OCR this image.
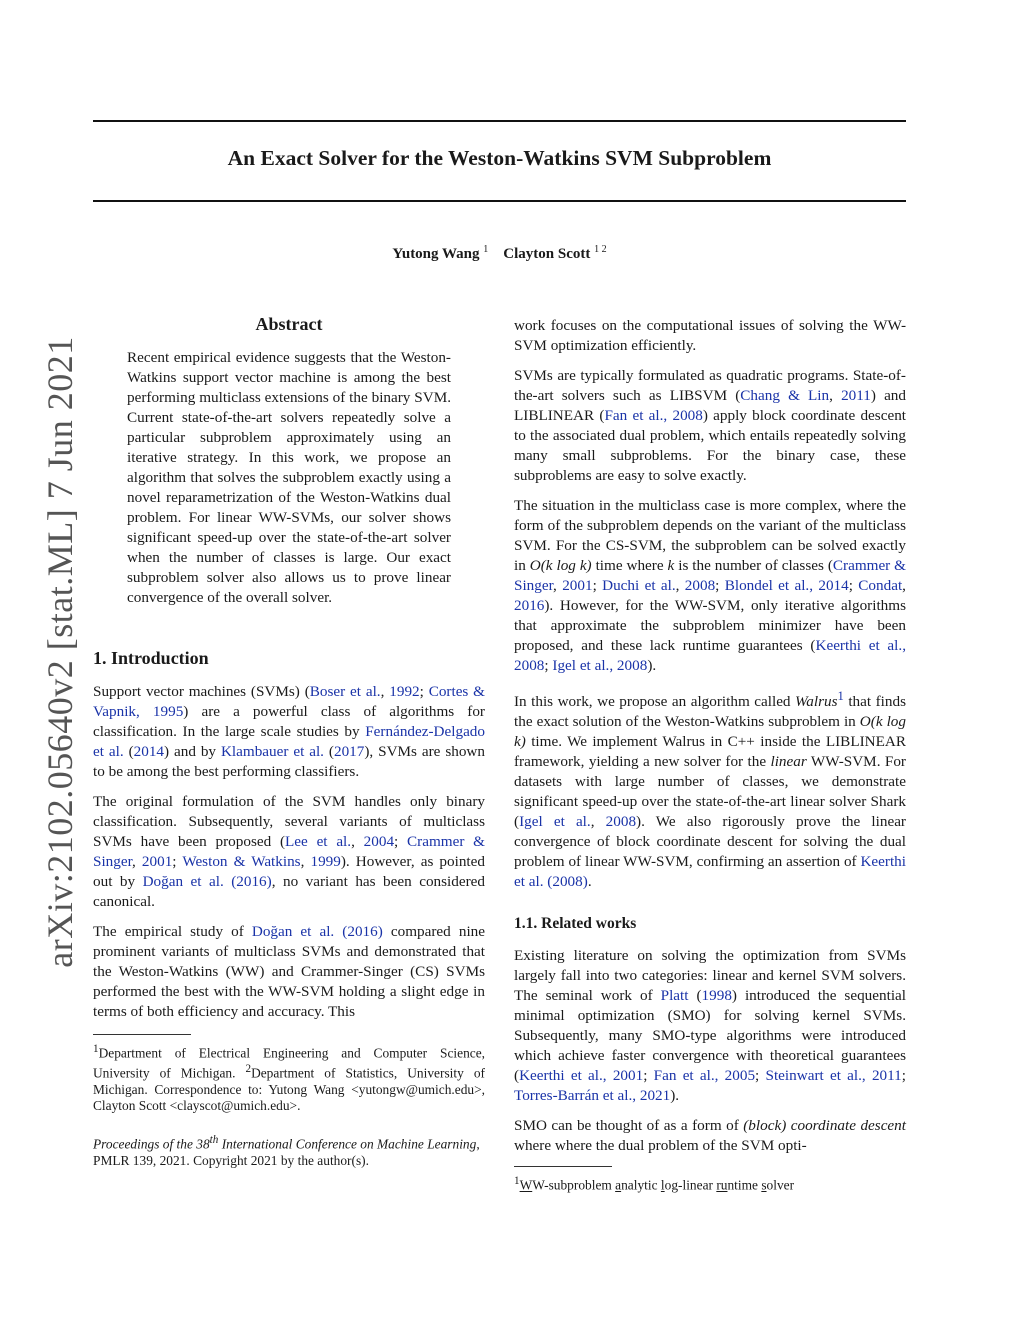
An Exact Solver for the Weston-Watkins SVM Subproblem
Yutong Wang $^1$ Clayton Scott $^{1 2}$
arXiv:2102.05640v2 [stat.ML] 7 Jun 2021
Abstract

Recent empirical evidence suggests that the Weston-Watkins support vector machine is among the best performing multiclass extensions of the binary SVM. Current state-of-the-art solvers repeatedly solve a particular subproblem approximately using an iterative strategy. In this work, we propose an algorithm that solves the subproblem exactly using a novel reparametrization of the Weston-Watkins dual problem. For linear WW-SVMs, our solver shows significant speed-up over the state-of-the-art solver when the number of classes is large. Our exact subproblem solver also allows us to prove linear convergence of the overall solver.

1. Introduction

Support vector machines (SVMs) (Boser et al., 1992; Cortes & Vapnik, 1995) are a powerful class of algorithms for classification. In the large scale studies by Fernández-Delgado et al. (2014) and by Klambauer et al. (2017), SVMs are shown to be among the best performing classifiers.

The original formulation of the SVM handles only binary classification. Subsequently, several variants of multiclass SVMs have been proposed (Lee et al., 2004; Crammer & Singer, 2001; Weston & Watkins, 1999). However, as pointed out by Doğan et al. (2016), no variant has been considered canonical.

The empirical study of Doğan et al. (2016) compared nine prominent variants of multiclass SVMs and demonstrated that the Weston-Watkins (WW) and Crammer-Singer (CS) SVMs performed the best with the WW-SVM holding a slight edge in terms of both efficiency and accuracy. This

$^1$Department of Electrical Engineering and Computer Science, University of Michigan. $^2$Department of Statistics, University of Michigan. Correspondence to: Yutong Wang <yutongw@umich.edu>, Clayton Scott <clayscot@umich.edu>.

Proceedings of the 38th International Conference on Machine Learning, PMLR 139, 2021. Copyright 2021 by the author(s).

work focuses on the computational issues of solving the WW-SVM optimization efficiently.

SVMs are typically formulated as quadratic programs. State-of-the-art solvers such as LIBSVM (Chang & Lin, 2011) and LIBLINEAR (Fan et al., 2008) apply block coordinate descent to the associated dual problem, which entails repeatedly solving many small subproblems. For the binary case, these subproblems are easy to solve exactly.

The situation in the multiclass case is more complex, where the form of the subproblem depends on the variant of the multiclass SVM. For the CS-SVM, the subproblem can be solved exactly in O(k log k) time where k is the number of classes (Crammer & Singer, 2001; Duchi et al., 2008; Blondel et al., 2014; Condat, 2016). However, for the WW-SVM, only iterative algorithms that approximate the subproblem minimizer have been proposed, and these lack runtime guarantees (Keerthi et al., 2008; Igel et al., 2008).

In this work, we propose an algorithm called Walrus$^1$ that finds the exact solution of the Weston-Watkins subproblem in O(k log k) time. We implement Walrus in C++ inside the LIBLINEAR framework, yielding a new solver for the linear WW-SVM. For datasets with large number of classes, we demonstrate significant speed-up over the state-of-the-art linear solver Shark (Igel et al., 2008). We also rigorously prove the linear convergence of block coordinate descent for solving the dual problem of linear WW-SVM, confirming an assertion of Keerthi et al. (2008).

1.1. Related works

Existing literature on solving the optimization from SVMs largely fall into two categories: linear and kernel SVM solvers. The seminal work of Platt (1998) introduced the sequential minimal optimization (SMO) for solving kernel SVMs. Subsequently, many SMO-type algorithms were introduced which achieve faster convergence with theoretical guarantees (Keerthi et al., 2001; Fan et al., 2005; Steinwart et al., 2011; Torres-Barrán et al., 2021).

SMO can be thought of as a form of (block) coordinate descent where where the dual problem of the SVM opti-

$^1$WW-subproblem analytic log-linear runtime solver
